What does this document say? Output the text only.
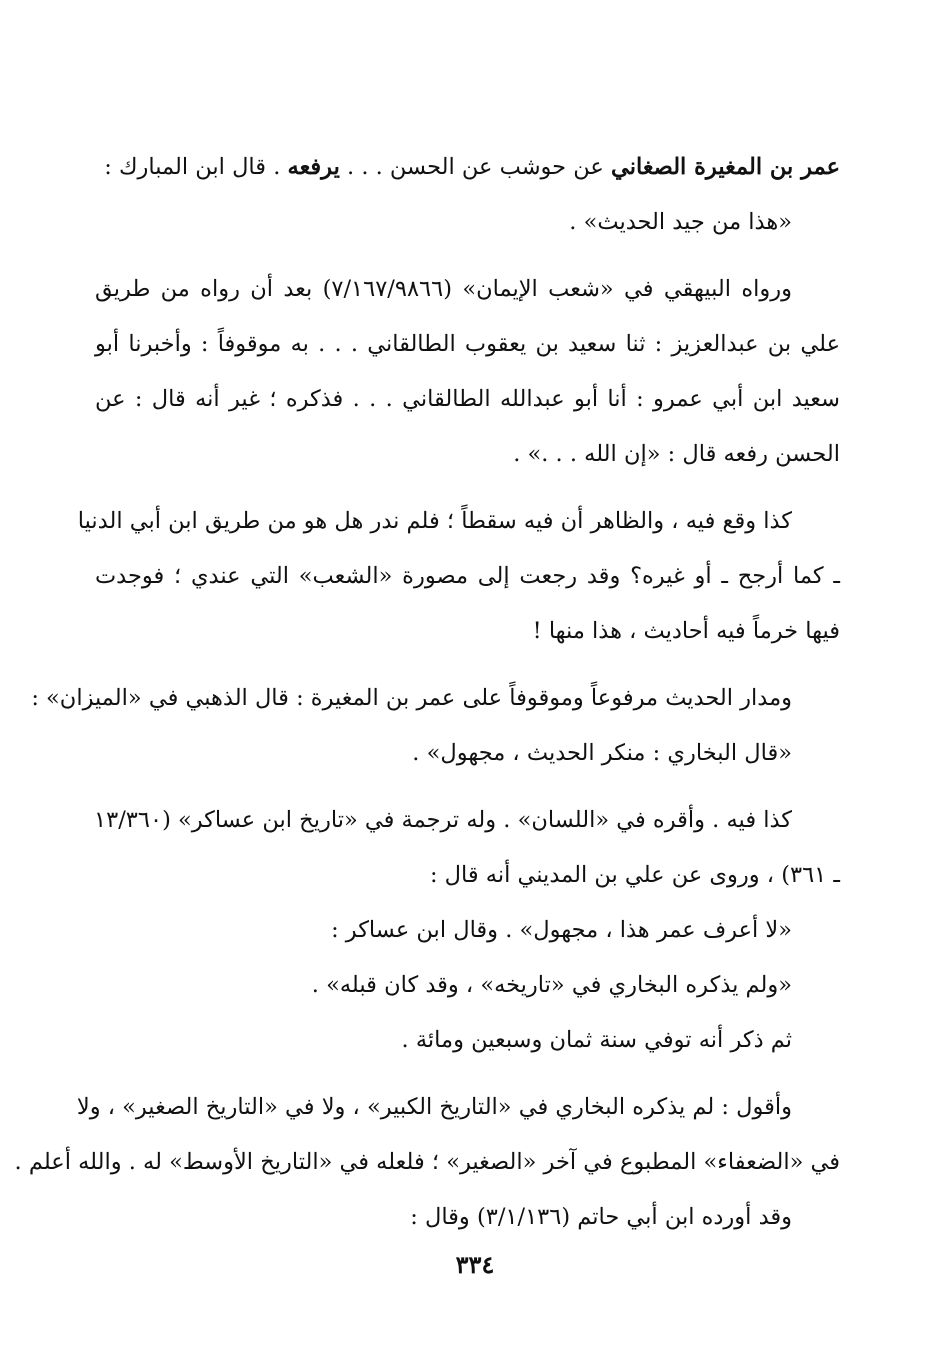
عمر بن المغيرة الصغاني عن حوشب عن الحسن . . . يرفعه . قال ابن المبارك :
«هذا من جيد الحديث» .
ورواه البيهقي في «شعب الإيمان» (٧/١٦٧/٩٨٦٦) بعد أن رواه من طريق
علي بن عبدالعزيز : ثنا سعيد بن يعقوب الطالقاني . . . به موقوفاً : وأخبرنا أبو
سعيد ابن أبي عمرو : أنا أبو عبدالله الطالقاني . . . فذكره ؛ غير أنه قال : عن
الحسن رفعه قال : «إن الله . . .» .
كذا وقع فيه ، والظاهر أن فيه سقطاً ؛ فلم ندر هل هو من طريق ابن أبي الدنيا
ـ كما أرجح ـ أو غيره؟ وقد رجعت إلى مصورة «الشعب» التي عندي ؛ فوجدت
فيها خرماً فيه أحاديث ، هذا منها !
ومدار الحديث مرفوعاً وموقوفاً على عمر بن المغيرة : قال الذهبي في «الميزان» :
«قال البخاري : منكر الحديث ، مجهول» .
كذا فيه . وأقره في «اللسان» . وله ترجمة في «تاريخ ابن عساكر» (١٣/٣٦٠
ـ ٣٦١) ، وروى عن علي بن المديني أنه قال :
«لا أعرف عمر هذا ، مجهول» . وقال ابن عساكر :
«ولم يذكره البخاري في «تاريخه» ، وقد كان قبله» .
ثم ذكر أنه توفي سنة ثمان وسبعين ومائة .
وأقول : لم يذكره البخاري في «التاريخ الكبير» ، ولا في «التاريخ الصغير» ، ولا
في «الضعفاء» المطبوع في آخر «الصغير» ؛ فلعله في «التاريخ الأوسط» له . والله أعلم .
وقد أورده ابن أبي حاتم (٣/١/١٣٦) وقال :
٣٣٤
